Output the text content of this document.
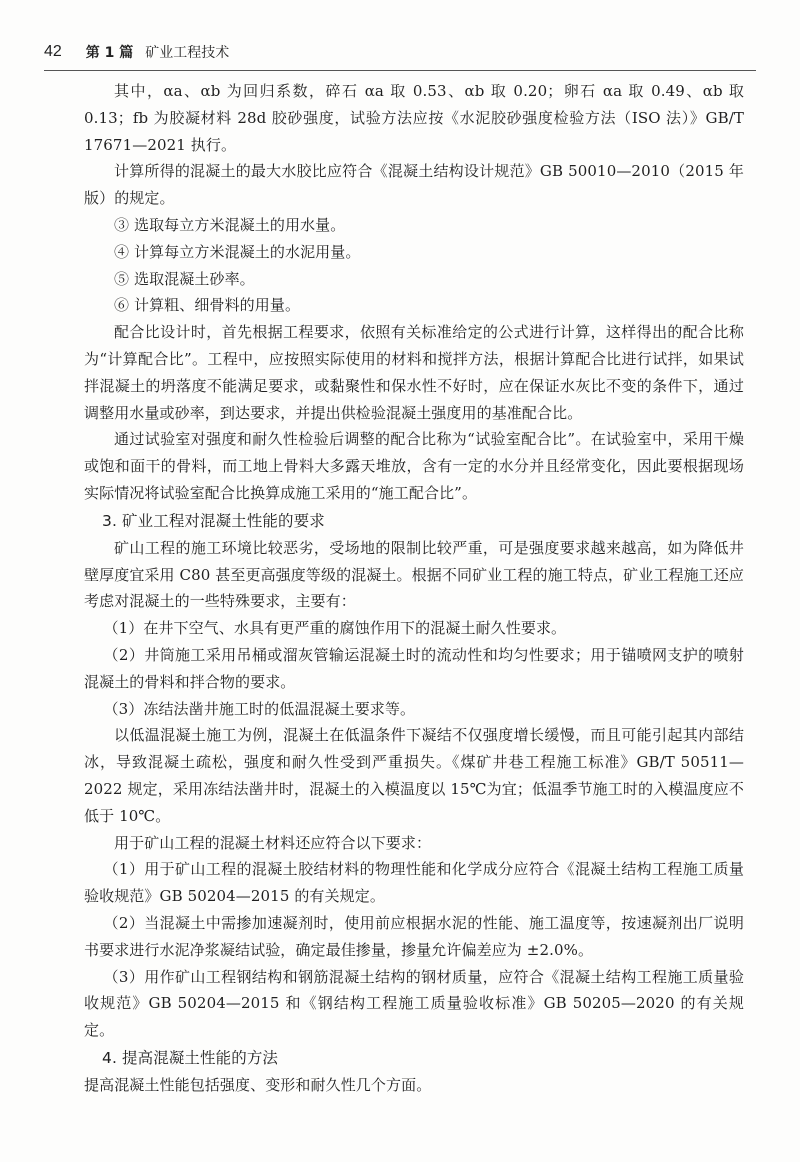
42 第 1 篇 矿业工程技术

其中，αa、αb 为回归系数，碎石 αa 取 0.53、αb 取 0.20；卵石 αa 取 0.49、αb 取 0.13；fb 为胶凝材料 28d 胶砂强度，试验方法应按《水泥胶砂强度检验方法（ISO 法）》GB/T 17671—2021 执行。

计算所得的混凝土的最大水胶比应符合《混凝土结构设计规范》GB 50010—2010（2015 年版）的规定。

③ 选取每立方米混凝土的用水量。

④ 计算每立方米混凝土的水泥用量。

⑤ 选取混凝土砂率。

⑥ 计算粗、细骨料的用量。

配合比设计时，首先根据工程要求，依照有关标准给定的公式进行计算，这样得出的配合比称为“计算配合比”。工程中，应按照实际使用的材料和搅拌方法，根据计算配合比进行试拌，如果试拌混凝土的坍落度不能满足要求，或黏聚性和保水性不好时，应在保证水灰比不变的条件下，通过调整用水量或砂率，到达要求，并提出供检验混凝土强度用的基准配合比。

通过试验室对强度和耐久性检验后调整的配合比称为“试验室配合比”。在试验室中，采用干燥或饱和面干的骨料，而工地上骨料大多露天堆放，含有一定的水分并且经常变化，因此要根据现场实际情况将试验室配合比换算成施工采用的“施工配合比”。

3. 矿业工程对混凝土性能的要求

矿山工程的施工环境比较恶劣，受场地的限制比较严重，可是强度要求越来越高，如为降低井壁厚度宜采用 C80 甚至更高强度等级的混凝土。根据不同矿业工程的施工特点，矿业工程施工还应考虑对混凝土的一些特殊要求，主要有：

（1）在井下空气、水具有更严重的腐蚀作用下的混凝土耐久性要求。

（2）井筒施工采用吊桶或溜灰管输运混凝土时的流动性和均匀性要求；用于锚喷网支护的喷射混凝土的骨料和拌合物的要求。

（3）冻结法凿井施工时的低温混凝土要求等。

以低温混凝土施工为例，混凝土在低温条件下凝结不仅强度增长缓慢，而且可能引起其内部结冰，导致混凝土疏松，强度和耐久性受到严重损失。《煤矿井巷工程施工标准》GB/T 50511—2022 规定，采用冻结法凿井时，混凝土的入模温度以 15℃为宜；低温季节施工时的入模温度应不低于 10℃。

用于矿山工程的混凝土材料还应符合以下要求：

（1）用于矿山工程的混凝土胶结材料的物理性能和化学成分应符合《混凝土结构工程施工质量验收规范》GB 50204—2015 的有关规定。

（2）当混凝土中需掺加速凝剂时，使用前应根据水泥的性能、施工温度等，按速凝剂出厂说明书要求进行水泥净浆凝结试验，确定最佳掺量，掺量允许偏差应为 ±2.0%。

（3）用作矿山工程钢结构和钢筋混凝土结构的钢材质量，应符合《混凝土结构工程施工质量验收规范》GB 50204—2015 和《钢结构工程施工质量验收标准》GB 50205—2020 的有关规定。

4. 提高混凝土性能的方法

提高混凝土性能包括强度、变形和耐久性几个方面。
